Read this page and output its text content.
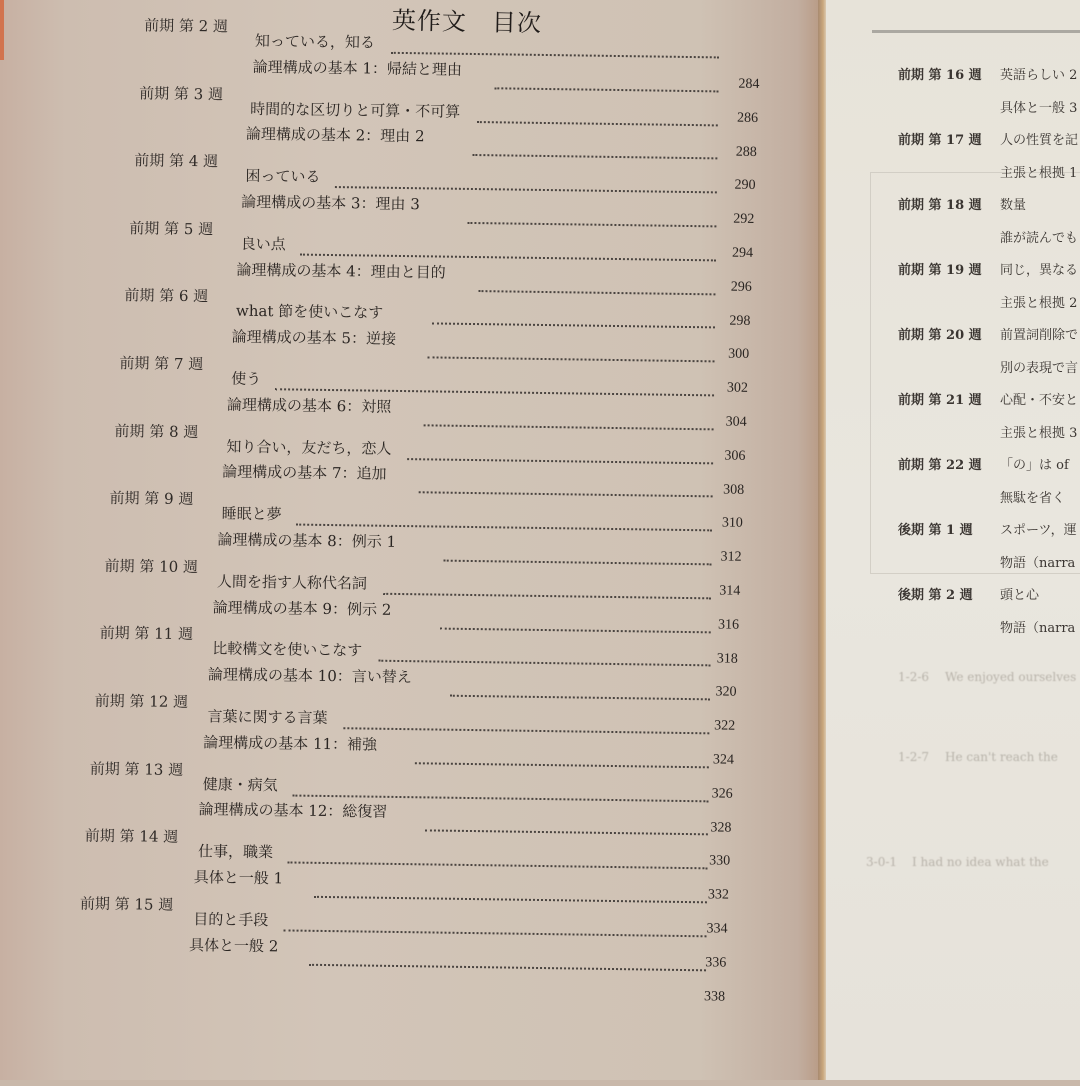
英作文　目次
前期 第 2 週
知っている，知る
284
論理構成の基本 1：帰結と理由
286
前期 第 3 週
時間的な区切りと可算・不可算
288
論理構成の基本 2：理由 2
290
前期 第 4 週
困っている
292
論理構成の基本 3：理由 3
294
前期 第 5 週
良い点
296
論理構成の基本 4：理由と目的
298
前期 第 6 週
what 節を使いこなす
300
論理構成の基本 5：逆接
302
前期 第 7 週
使う
304
論理構成の基本 6：対照
306
前期 第 8 週
知り合い，友だち，恋人
308
論理構成の基本 7：追加
310
前期 第 9 週
睡眠と夢
312
論理構成の基本 8：例示 1
314
前期 第 10 週
人間を指す人称代名詞
316
論理構成の基本 9：例示 2
318
前期 第 11 週
比較構文を使いこなす
320
論理構成の基本 10：言い替え
322
前期 第 12 週
言葉に関する言葉
324
論理構成の基本 11：補強
326
前期 第 13 週
健康・病気
328
論理構成の基本 12：総復習
330
前期 第 14 週
仕事，職業
332
具体と一般 1
334
前期 第 15 週
目的と手段
336
具体と一般 2
338
前期 第 16 週 英語らしい 2
具体と一般 3
前期 第 17 週 人の性質を記
主張と根拠 1
前期 第 18 週 数量
誰が読んでも
前期 第 19 週 同じ，異なる
主張と根拠 2
前期 第 20 週 前置詞削除で
別の表現で言
前期 第 21 週 心配・不安と
主張と根拠 3
前期 第 22 週 「の」は of
無駄を省く
後期 第 1 週 スポーツ，運
物語（narra
後期 第 2 週 頭と心
物語（narra
1-2-6 We enjoyed ourselves
1-2-7 He can't reach the
3-0-1 I had no idea what the
